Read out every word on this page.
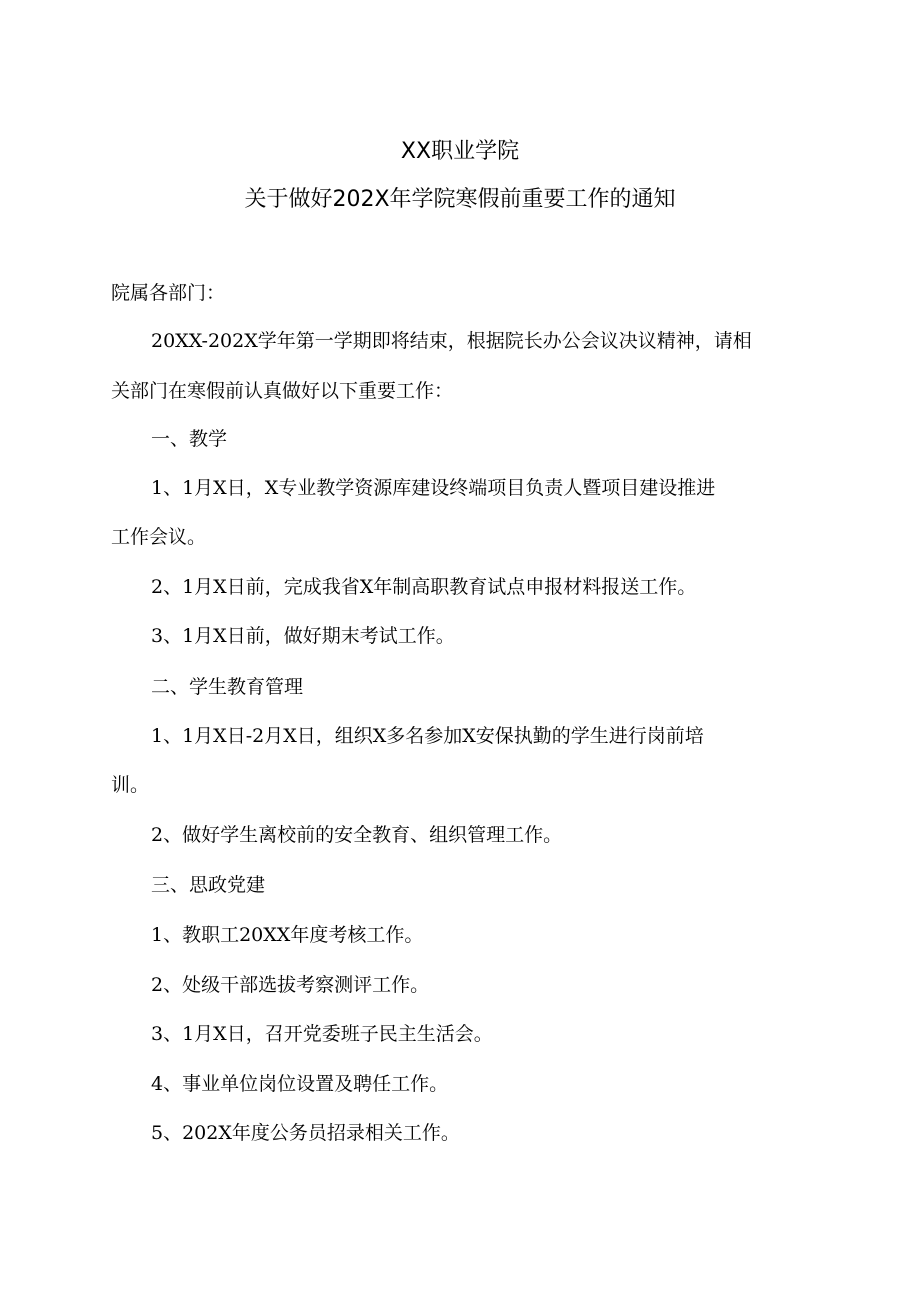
XX职业学院
关于做好202X年学院寒假前重要工作的通知
院属各部门：
20XX-202X学年第一学期即将结束，根据院长办公会议决议精神，请相
关部门在寒假前认真做好以下重要工作：
一、教学
1、1月X日，X专业教学资源库建设终端项目负责人暨项目建设推进
工作会议。
2、1月X日前，完成我省X年制高职教育试点申报材料报送工作。
3、1月X日前，做好期末考试工作。
二、学生教育管理
1、1月X日-2月X日，组织X多名参加X安保执勤的学生进行岗前培
训。
2、做好学生离校前的安全教育、组织管理工作。
三、思政党建
1、教职工20XX年度考核工作。
2、处级干部选拔考察测评工作。
3、1月X日，召开党委班子民主生活会。
4、事业单位岗位设置及聘任工作。
5、202X年度公务员招录相关工作。
